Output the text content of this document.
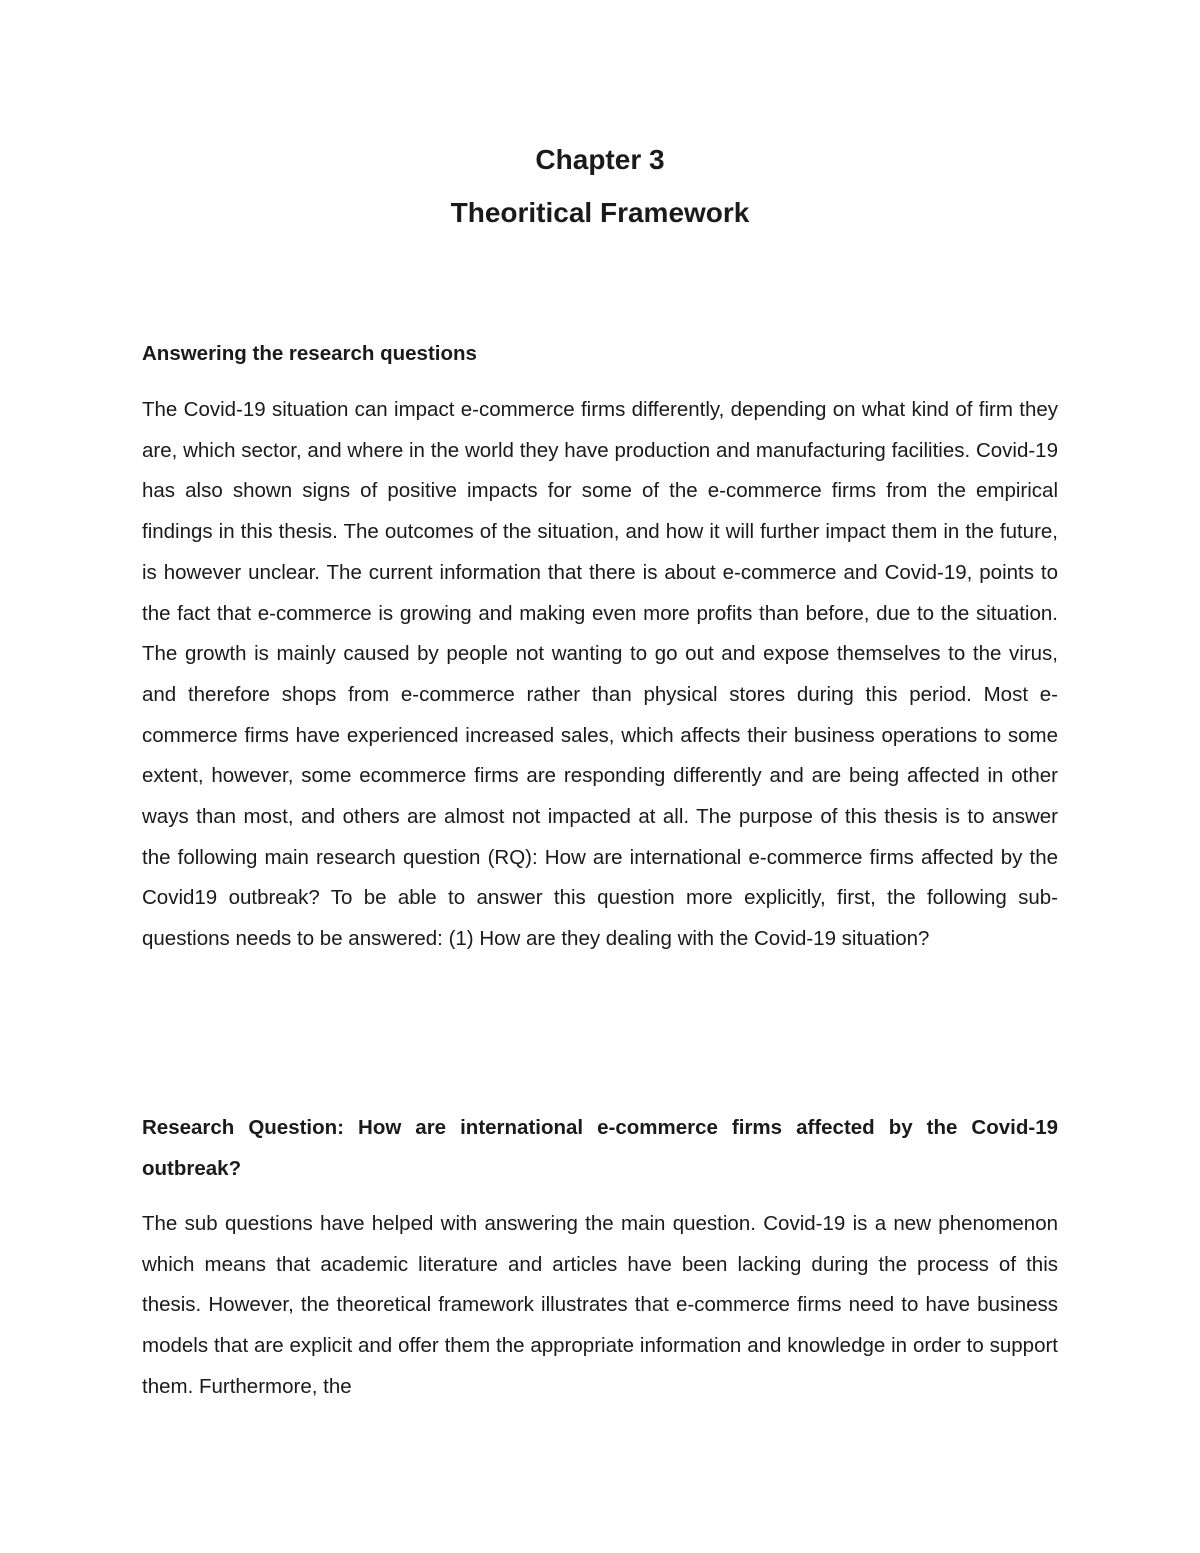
Chapter 3
Theoritical Framework
Answering the research questions

The Covid-19 situation can impact e-commerce firms differently, depending on what kind of firm they are, which sector, and where in the world they have production and manufacturing facilities. Covid-19 has also shown signs of positive impacts for some of the e-commerce firms from the empirical findings in this thesis. The outcomes of the situation, and how it will further impact them in the future, is however unclear. The current information that there is about e-commerce and Covid-19, points to the fact that e-commerce is growing and making even more profits than before, due to the situation. The growth is mainly caused by people not wanting to go out and expose themselves to the virus, and therefore shops from e-commerce rather than physical stores during this period. Most e-commerce firms have experienced increased sales, which affects their business operations to some extent, however, some ecommerce firms are responding differently and are being affected in other ways than most, and others are almost not impacted at all. The purpose of this thesis is to answer the following main research question (RQ): How are international e-commerce firms affected by the Covid19 outbreak? To be able to answer this question more explicitly, first, the following sub-questions needs to be answered: (1) How are they dealing with the Covid-19 situation?

Research Question: How are international e-commerce firms affected by the Covid-19 outbreak?

The sub questions have helped with answering the main question. Covid-19 is a new phenomenon which means that academic literature and articles have been lacking during the process of this thesis. However, the theoretical framework illustrates that e-commerce firms need to have business models that are explicit and offer them the appropriate information and knowledge in order to support them. Furthermore, the
